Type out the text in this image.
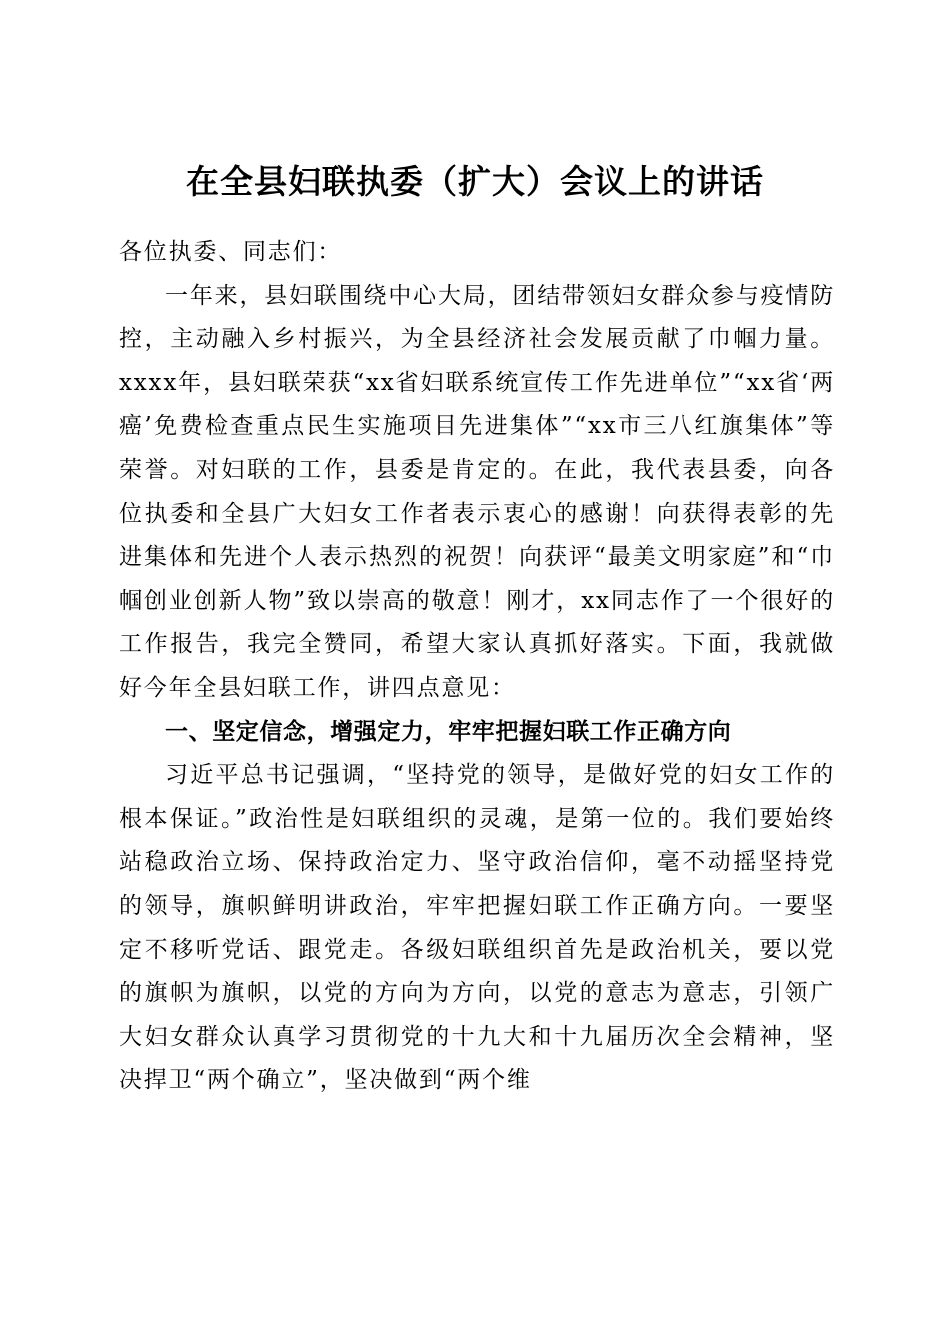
在全县妇联执委（扩大）会议上的讲话

各位执委、同志们：

一年来，县妇联围绕中心大局，团结带领妇女群众参与疫情防控，主动融入乡村振兴，为全县经济社会发展贡献了巾帼力量。xxxx年，县妇联荣获“xx省妇联系统宣传工作先进单位”“xx省‘两癌’免费检查重点民生实施项目先进集体”“xx市三八红旗集体”等荣誉。对妇联的工作，县委是肯定的。在此，我代表县委，向各位执委和全县广大妇女工作者表示衷心的感谢！向获得表彰的先进集体和先进个人表示热烈的祝贺！向获评“最美文明家庭”和“巾帼创业创新人物”致以崇高的敬意！刚才，xx同志作了一个很好的工作报告，我完全赞同，希望大家认真抓好落实。下面，我就做好今年全县妇联工作，讲四点意见：

一、坚定信念，增强定力，牢牢把握妇联工作正确方向

习近平总书记强调，“坚持党的领导，是做好党的妇女工作的根本保证。”政治性是妇联组织的灵魂，是第一位的。我们要始终站稳政治立场、保持政治定力、坚守政治信仰，毫不动摇坚持党的领导，旗帜鲜明讲政治，牢牢把握妇联工作正确方向。一要坚定不移听党话、跟党走。各级妇联组织首先是政治机关，要以党的旗帜为旗帜，以党的方向为方向，以党的意志为意志，引领广大妇女群众认真学习贯彻党的十九大和十九届历次全会精神，坚决捍卫“两个确立”，坚决做到“两个维
